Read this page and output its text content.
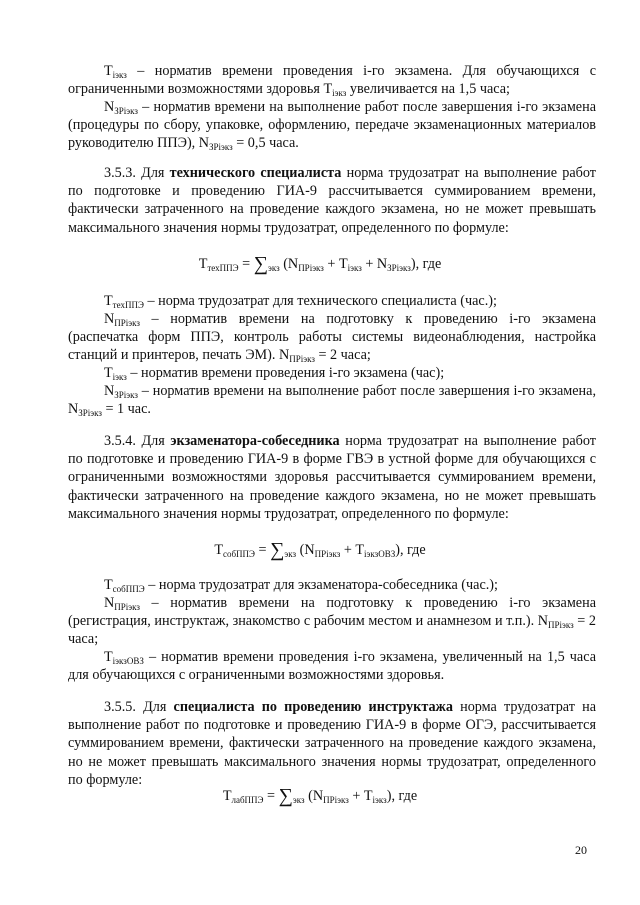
$T_{iэкз}$ – норматив времени проведения i-го экзамена. Для обучающихся с ограниченными возможностями здоровья $T_{iэкз}$ увеличивается на 1,5 часа;

$N_{ЗРiэкз}$ – норматив времени на выполнение работ после завершения i-го экзамена (процедуры по сбору, упаковке, оформлению, передаче экзаменационных материалов руководителю ППЭ), $N_{ЗРiэкз} = 0,5$ часа.

3.5.3. Для технического специалиста норма трудозатрат на выполнение работ по подготовке и проведению ГИА-9 рассчитывается суммированием времени, фактически затраченного на проведение каждого экзамена, но не может превышать максимального значения нормы трудозатрат, определенного по формуле:

$T_{техППЭ} = \sum_{экз}$ $(N_{ПРiэкз} + T_{iэкз} + N_{ЗРiэкз})$, где

$T_{техППЭ}$ – норма трудозатрат для технического специалиста (час.);

$N_{ПРiэкз}$ – норматив времени на подготовку к проведению i-го экзамена (распечатка форм ППЭ, контроль работы системы видеонаблюдения, настройка станций и принтеров, печать ЭМ). $N_{ПРiэкз} = 2$ часа;

$T_{iэкз}$ – норматив времени проведения i-го экзамена (час);

$N_{ЗРiэкз}$ – норматив времени на выполнение работ после завершения i-го экзамена, $N_{ЗРiэкз} = 1$ час.

3.5.4. Для экзаменатора-собеседника норма трудозатрат на выполнение работ по подготовке и проведению ГИА-9 в форме ГВЭ в устной форме для обучающихся с ограниченными возможностями здоровья рассчитывается суммированием времени, фактически затраченного на проведение каждого экзамена, но не может превышать максимального значения нормы трудозатрат, определенного по формуле:

$T_{собППЭ} = \sum_{экз}$ $(N_{ПРiэкз} + T_{iэкзОВЗ})$, где

$T_{собППЭ}$ – норма трудозатрат для экзаменатора-собеседника (час.);

$N_{ПРiэкз}$ – норматив времени на подготовку к проведению i-го экзамена (регистрация, инструктаж, знакомство с рабочим местом и анамнезом и т.п.). $N_{ПРiэкз} = 2$ часа;

$T_{iэкзОВЗ}$ – норматив времени проведения i-го экзамена, увеличенный на 1,5 часа для обучающихся с ограниченными возможностями здоровья.

3.5.5. Для специалиста по проведению инструктажа норма трудозатрат на выполнение работ по подготовке и проведению ГИА-9 в форме ОГЭ, рассчитывается суммированием времени, фактически затраченного на проведение каждого экзамена, но не может превышать максимального значения нормы трудозатрат, определенного по формуле:

$T_{лабППЭ} = \sum_{экз}$ $(N_{ПРiэкз} + T_{iэкз})$, где

20
